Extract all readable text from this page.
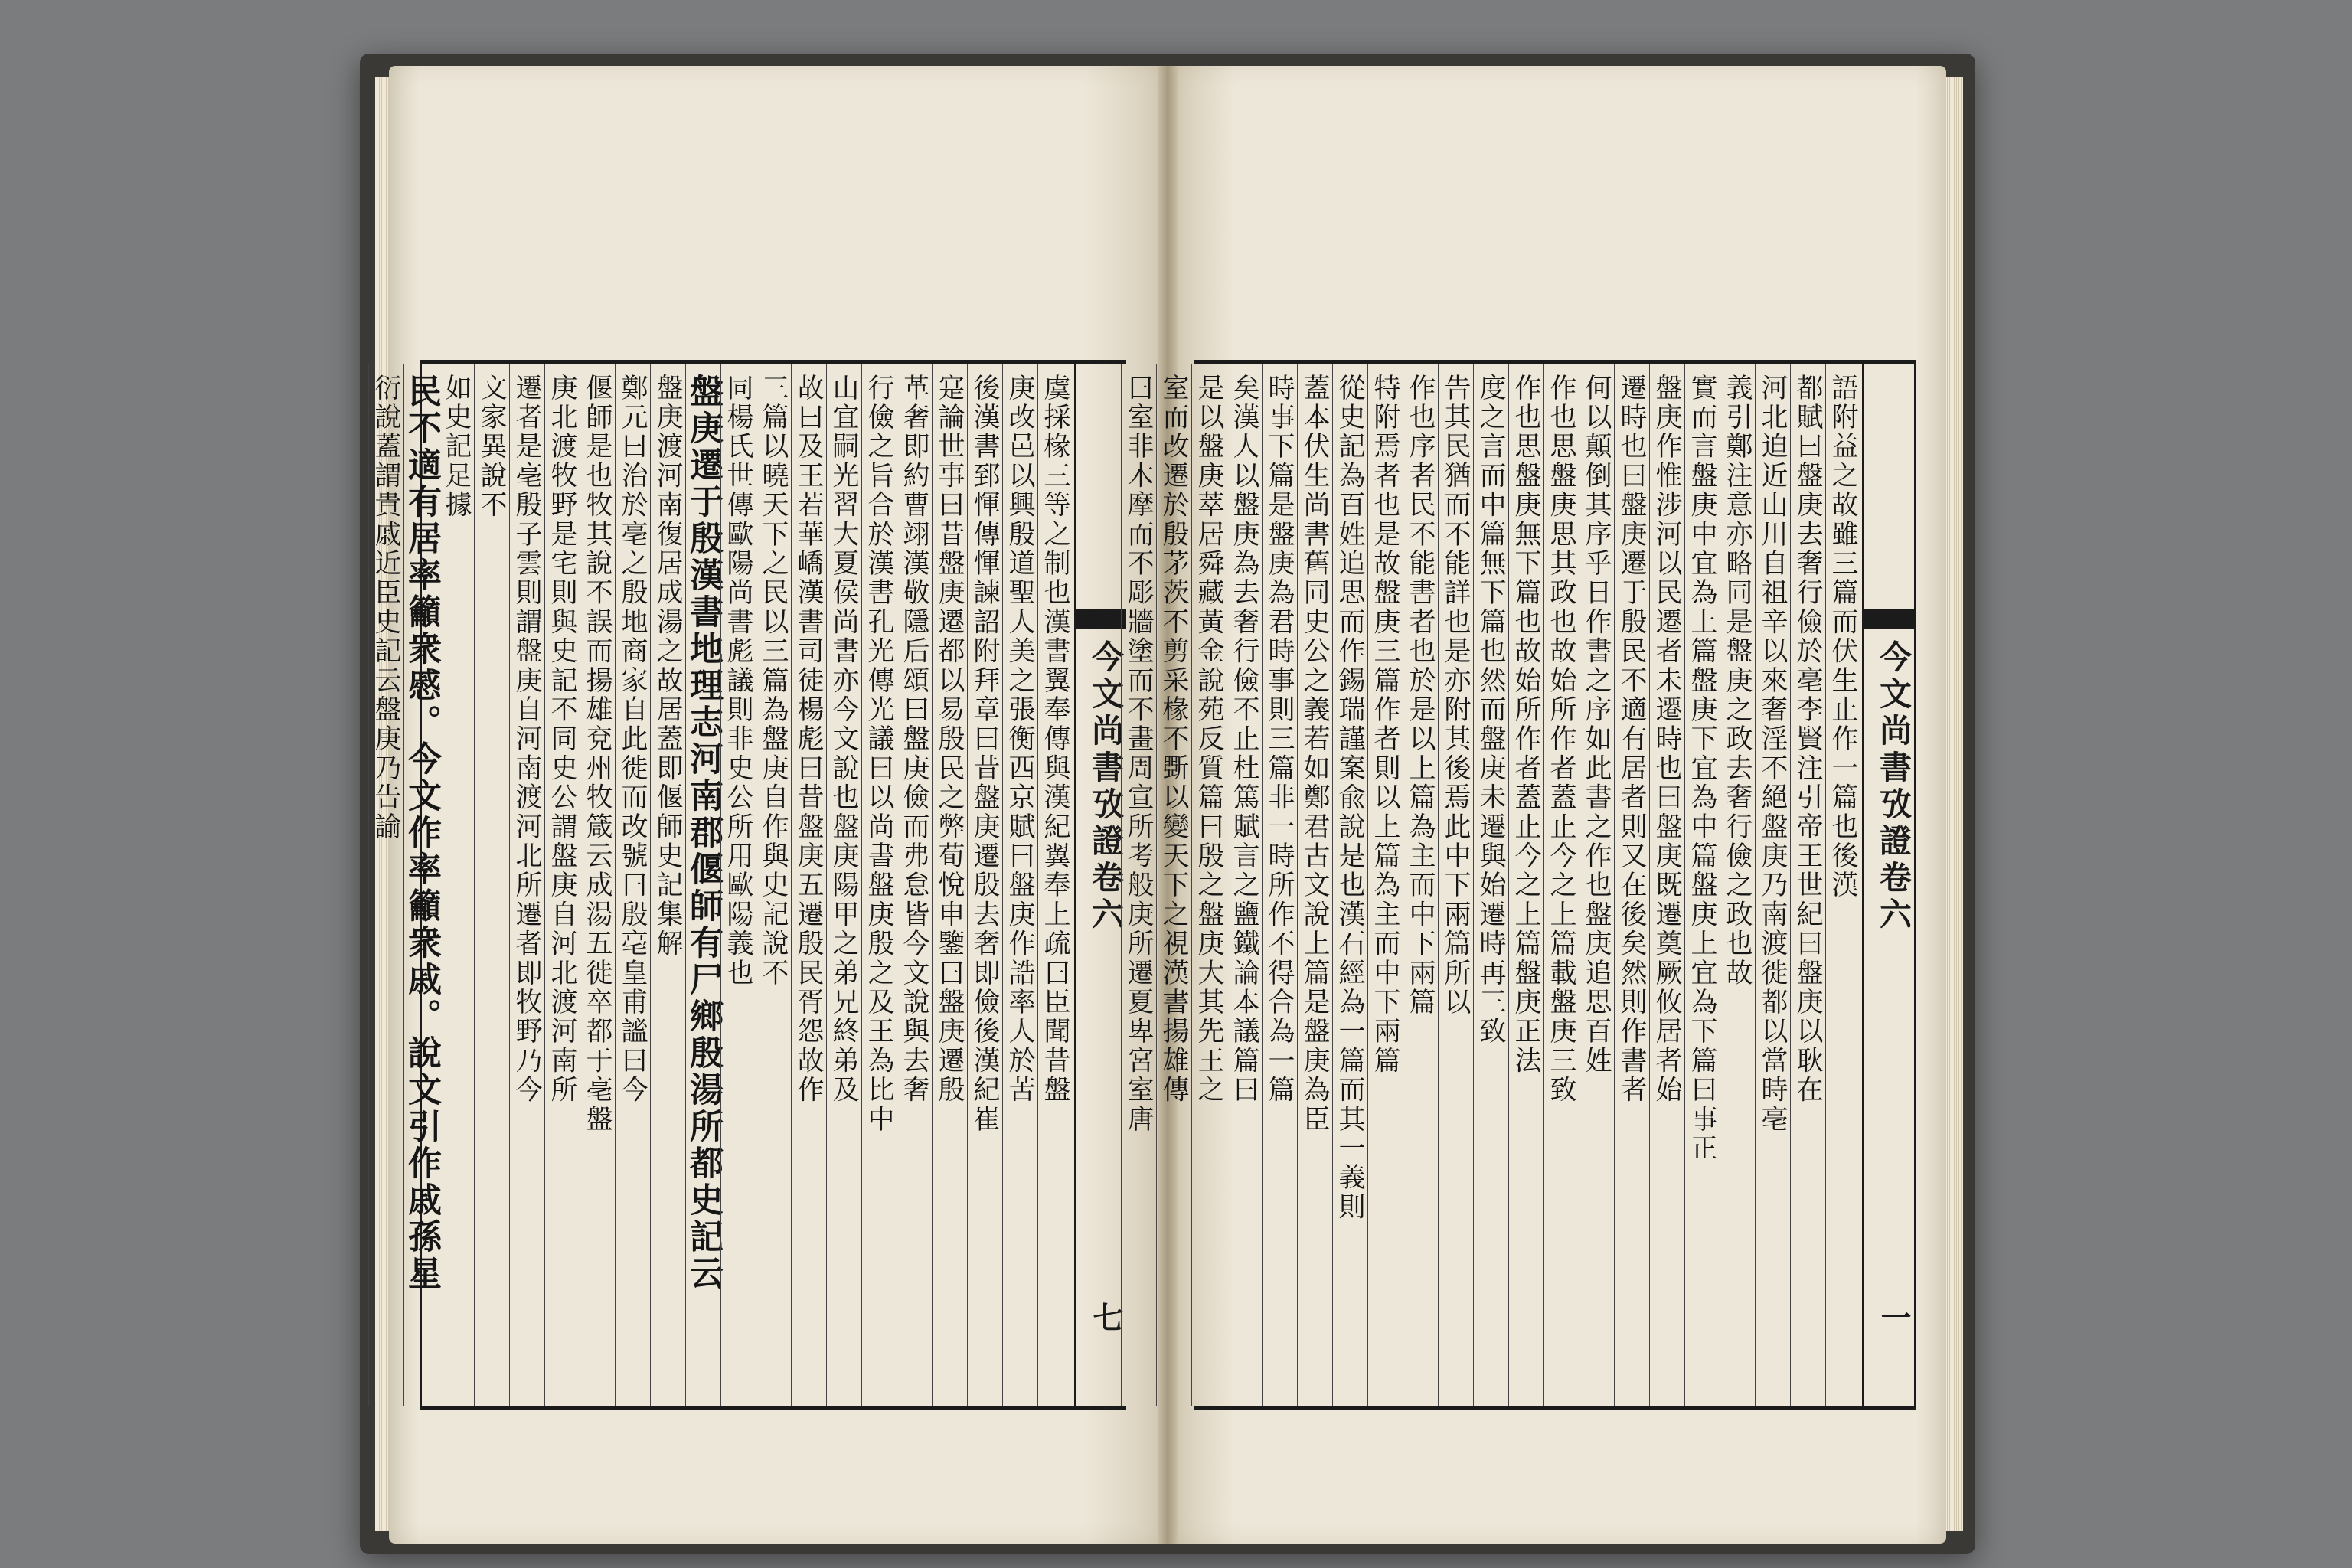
今文尚書攷證卷六
七
虞採椽三等之制也漢書翼奉傳與漢紀翼奉上疏曰臣聞昔盤
庚改邑以興殷道聖人美之張衡西京賦曰盤庚作誥率人於苦
後漢書郅惲傳惲諫詔附拜章曰昔盤庚遷殷去奢即儉後漢紀崔
寔論世事曰昔盤庚遷都以易殷民之弊荀悅申鑒曰盤庚遷殷
革奢即約曹翊漢敬隱后頌曰盤庚儉而弗怠皆今文說與去奢
行儉之旨合於漢書孔光傳光議曰以尚書盤庚殷之及王為比中
山宜嗣光習大夏侯尚書亦今文說也盤庚陽甲之弟兄終弟及
故曰及王若華嶠漢書司徒楊彪曰昔盤庚五遷殷民胥怨故作
三篇以曉天下之民以三篇為盤庚自作與史記說不
同楊氏世傳歐陽尚書彪議則非史公所用歐陽義也
盤庚遷于殷漢書地理志河南郡偃師有尸鄉殷湯所都史記云
盤庚渡河南復居成湯之故居蓋即偃師史記集解
鄭元曰治於亳之殷地商家自此徙而改號曰殷亳皇甫謐曰今
偃師是也牧其說不誤而揚雄兗州牧箴云成湯五徙卒都于亳盤
庚北渡牧野是宅則與史記不同史公謂盤庚自河北渡河南所
遷者是亳殷子雲則謂盤庚自河南渡河北所遷者即牧野乃今
文家異說不
如史記足據
民不適有居率籲衆慼。今文作率籲衆戚。說文引作戚孫星
衍說蓋謂貴戚近臣史記云盤庚乃告諭	今文尚書攷證卷六
一
語附益之故雖三篇而伏生止作一篇也後漢
都賦曰盤庚去奢行儉於亳李賢注引帝王世紀曰盤庚以耿在
河北迫近山川自祖辛以來奢淫不絕盤庚乃南渡徙都以當時亳
義引鄭注意亦略同是盤庚之政去奢行儉之政也故
實而言盤庚中宜為上篇盤庚下宜為中篇盤庚上宜為下篇曰事正
盤庚作惟涉河以民遷者未遷時也曰盤庚既遷奠厥攸居者始
遷時也曰盤庚遷于殷民不適有居者則又在後矣然則作書者
何以顛倒其序乎日作書之序如此書之作也盤庚追思百姓
作也思盤庚思其政也故始所作者蓋止今之上篇載盤庚三致
作也思盤庚無下篇也故始所作者蓋止今之上篇盤庚正法
度之言而中篇無下篇也然而盤庚未遷與始遷時再三致
告其民猶而不能詳也是亦附其後焉此中下兩篇所以
作也序者民不能書者也於是以上篇為主而中下兩篇
特附焉者也是故盤庚三篇作者則以上篇為主而中下兩篇
從史記為百姓追思而作錫瑞謹案兪說是也漢石經為一篇而其一義則
蓋本伏生尚書舊同史公之義若如鄭君古文說上篇是盤庚為臣
時事下篇是盤庚為君時事則三篇非一時所作不得合為一篇
矣漢人以盤庚為去奢行儉不止杜篤賦言之鹽鐵論本議篇曰
是以盤庚萃居舜藏黃金說苑反質篇曰殷之盤庚大其先王之
室而改遷於殷茅茨不剪采椽不斲以變天下之視漢書揚雄傳
曰室非木摩而不彫牆塗而不畫周宣所考般庚所遷夏卑宮室唐
